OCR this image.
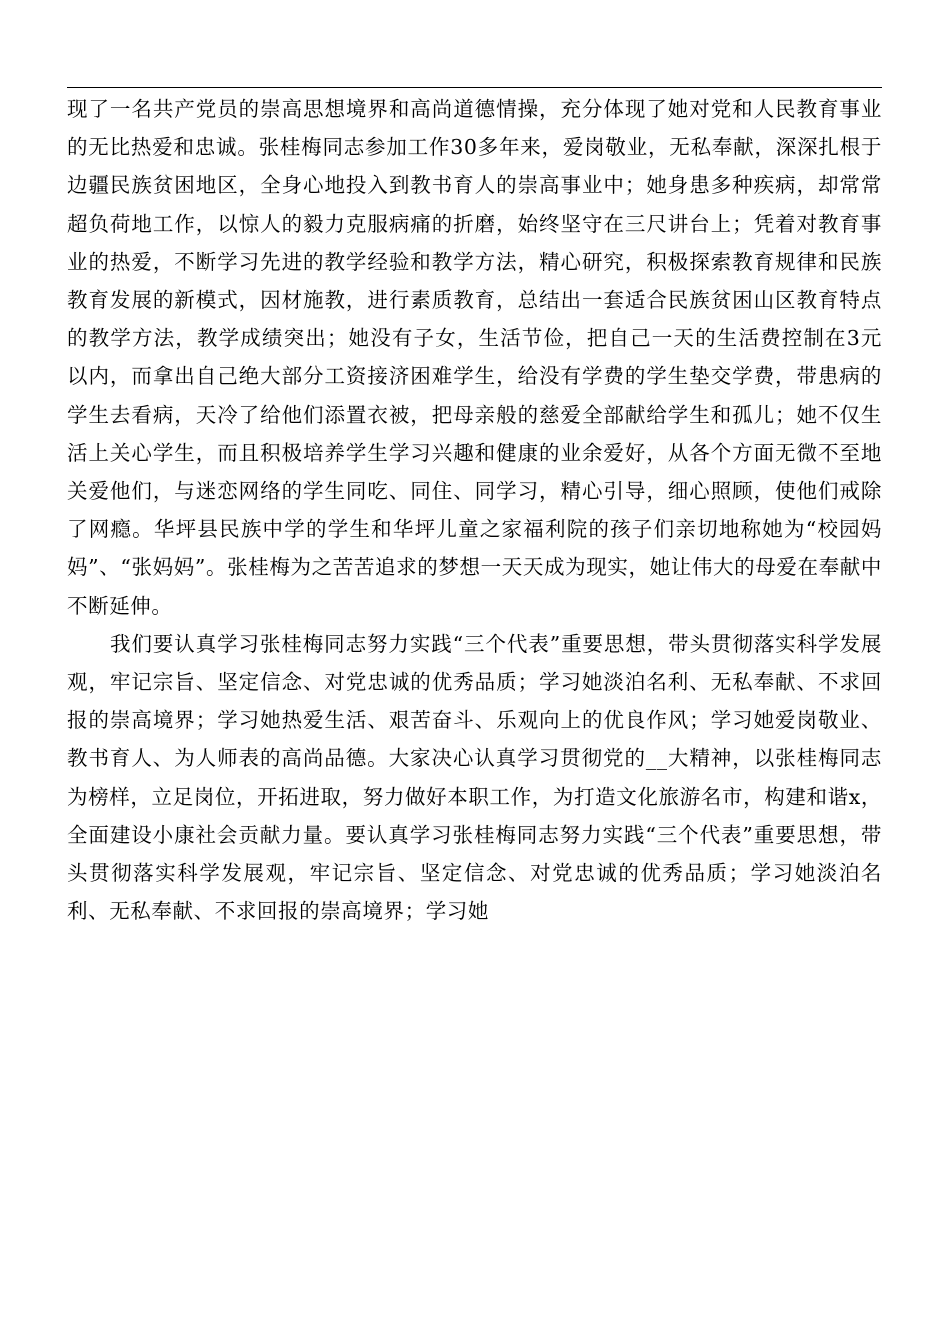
现了一名共产党员的崇高思想境界和高尚道德情操，充分体现了她对党和人民教育事业的无比热爱和忠诚。张桂梅同志参加工作30多年来，爱岗敬业，无私奉献，深深扎根于边疆民族贫困地区，全身心地投入到教书育人的崇高事业中；她身患多种疾病，却常常超负荷地工作，以惊人的毅力克服病痛的折磨，始终坚守在三尺讲台上；凭着对教育事业的热爱，不断学习先进的教学经验和教学方法，精心研究，积极探索教育规律和民族教育发展的新模式，因材施教，进行素质教育，总结出一套适合民族贫困山区教育特点的教学方法，教学成绩突出；她没有子女，生活节俭，把自己一天的生活费控制在3元以内，而拿出自己绝大部分工资接济困难学生，给没有学费的学生垫交学费，带患病的学生去看病，天冷了给他们添置衣被，把母亲般的慈爱全部献给学生和孤儿；她不仅生活上关心学生，而且积极培养学生学习兴趣和健康的业余爱好，从各个方面无微不至地关爱他们，与迷恋网络的学生同吃、同住、同学习，精心引导，细心照顾，使他们戒除了网瘾。华坪县民族中学的学生和华坪儿童之家福利院的孩子们亲切地称她为“校园妈妈”、“张妈妈”。张桂梅为之苦苦追求的梦想一天天成为现实，她让伟大的母爱在奉献中不断延伸。

我们要认真学习张桂梅同志努力实践“三个代表”重要思想，带头贯彻落实科学发展观，牢记宗旨、坚定信念、对党忠诚的优秀品质；学习她淡泊名利、无私奉献、不求回报的崇高境界；学习她热爱生活、艰苦奋斗、乐观向上的优良作风；学习她爱岗敬业、教书育人、为人师表的高尚品德。大家决心认真学习贯彻党的__大精神，以张桂梅同志为榜样，立足岗位，开拓进取，努力做好本职工作，为打造文化旅游名市，构建和谐x，全面建设小康社会贡献力量。要认真学习张桂梅同志努力实践“三个代表”重要思想，带头贯彻落实科学发展观，牢记宗旨、坚定信念、对党忠诚的优秀品质；学习她淡泊名利、无私奉献、不求回报的崇高境界；学习她
